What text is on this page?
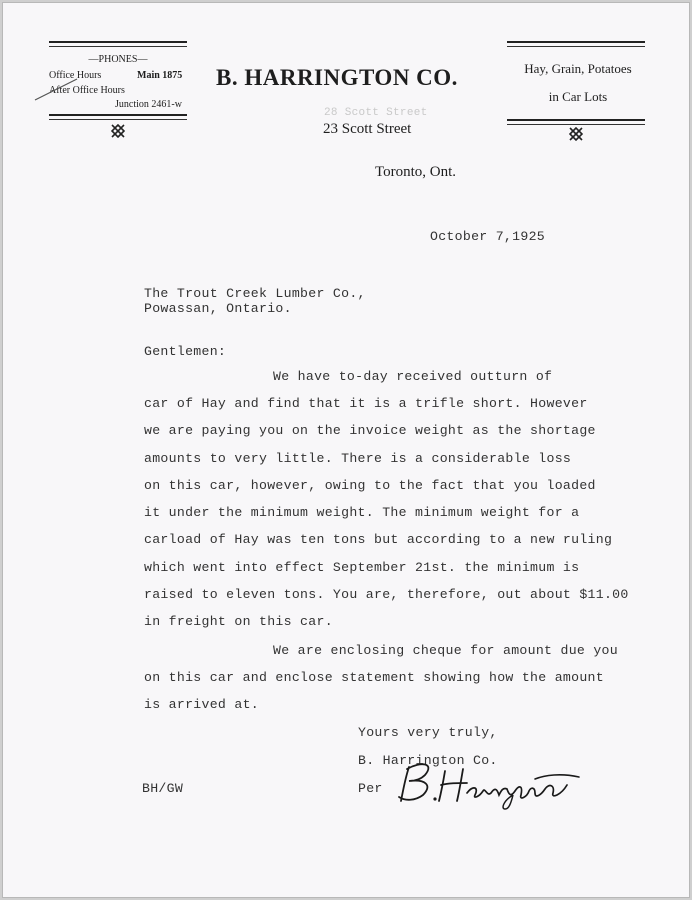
—PHONES—
Office Hours	Main 1875
After Office Hours
Junction 2461-w
B. HARRINGTON CO.
28 Scott Street
23 Scott Street
Toronto, Ont.
Hay, Grain, Potatoes
in Car Lots
October 7,1925
The Trout Creek Lumber Co.,
Powassan, Ontario.
Gentlemen:
We have to-day received outturn of
car of Hay and find that it is a trifle short. However
we are paying you on the invoice weight as the shortage
amounts to very little. There is a considerable loss
on this car, however, owing to the fact that you loaded
it under the minimum weight. The minimum weight for a
carload of Hay was ten tons but according to a new ruling
which went into effect September 21st. the minimum is
raised to eleven tons. You are, therefore, out about $11.00
in freight on this car.
We are enclosing cheque for amount due you
on this car and enclose statement showing how the amount
is arrived at.
Yours very truly,
B. Harrington Co.
Per
BH/GW
